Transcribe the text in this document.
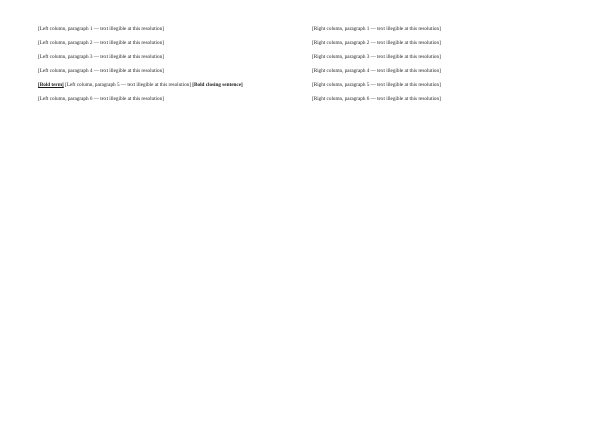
[Left column, paragraph 1 — text illegible at this resolution]

[Left column, paragraph 2 — text illegible at this resolution]

[Left column, paragraph 3 — text illegible at this resolution]

[Left column, paragraph 4 — text illegible at this resolution]

[Bold term] [Left column, paragraph 5 — text illegible at this resolution] [Bold closing sentence]

[Left column, paragraph 6 — text illegible at this resolution]

[Right column, paragraph 1 — text illegible at this resolution]

[Right column, paragraph 2 — text illegible at this resolution]

[Right column, paragraph 3 — text illegible at this resolution]

[Right column, paragraph 4 — text illegible at this resolution]

[Right column, paragraph 5 — text illegible at this resolution]

[Right column, paragraph 6 — text illegible at this resolution]
